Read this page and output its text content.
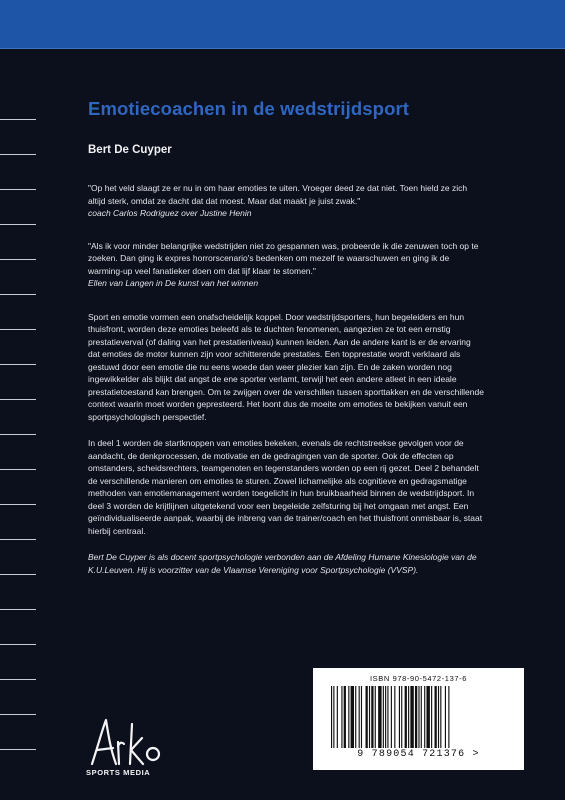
Emotiecoachen in de wedstrijdsport
Bert De Cuyper

"Op het veld slaagt ze er nu in om haar emoties te uiten. Vroeger deed ze dat niet. Toen hield ze zich altijd sterk, omdat ze dacht dat dat moest. Maar dat maakt je juist zwak."

coach Carlos Rodriguez over Justine Henin

"Als ik voor minder belangrijke wedstrijden niet zo gespannen was, probeerde ik die zenuwen toch op te zoeken. Dan ging ik expres horrorscenario's bedenken om mezelf te waarschuwen en ging ik de warming-up veel fanatieker doen om dat lijf klaar te stomen."

Ellen van Langen in De kunst van het winnen

Sport en emotie vormen een onafscheidelijk koppel. Door wedstrijdsporters, hun begeleiders en hun thuisfront, worden deze emoties beleefd als te duchten fenomenen, aangezien ze tot een ernstig prestatieverval (of daling van het prestatieniveau) kunnen leiden. Aan de andere kant is er de ervaring dat emoties de motor kunnen zijn voor schitterende prestaties. Een topprestatie wordt verklaard als gestuwd door een emotie die nu eens woede dan weer plezier kan zijn. En de zaken worden nog ingewikkelder als blijkt dat angst de ene sporter verlamt, terwijl het een andere atleet in een ideale prestatietoestand kan brengen. Om te zwijgen over de verschillen tussen sporttakken en de verschillende context waarin moet worden gepresteerd. Het loont dus de moeite om emoties te bekijken vanuit een sportpsychologisch perspectief.

In deel 1 worden de startknoppen van emoties bekeken, evenals de rechtstreekse gevolgen voor de aandacht, de denkprocessen, de motivatie en de gedragingen van de sporter. Ook de effecten op omstanders, scheidsrechters, teamgenoten en tegenstanders worden op een rij gezet. Deel 2 behandelt de verschillende manieren om emoties te sturen. Zowel lichamelijke als cognitieve en gedragsmatige methoden van emotiemanagement worden toegelicht in hun bruikbaarheid binnen de wedstrijdsport. In deel 3 worden de krijtlijnen uitgetekend voor een begeleide zelfsturing bij het omgaan met angst. Een geïndividualiseerde aanpak, waarbij de inbreng van de trainer/coach en het thuisfront onmisbaar is, staat hierbij centraal.

Bert De Cuyper is als docent sportpsychologie verbonden aan de Afdeling Humane Kinesiologie van de K.U.Leuven. Hij is voorzitter van de Vlaamse Vereniging voor Sportpsychologie (VVSP).

ISBN 978-90-5472-137-6
9 789054 721376 >
SPORTS MEDIA
